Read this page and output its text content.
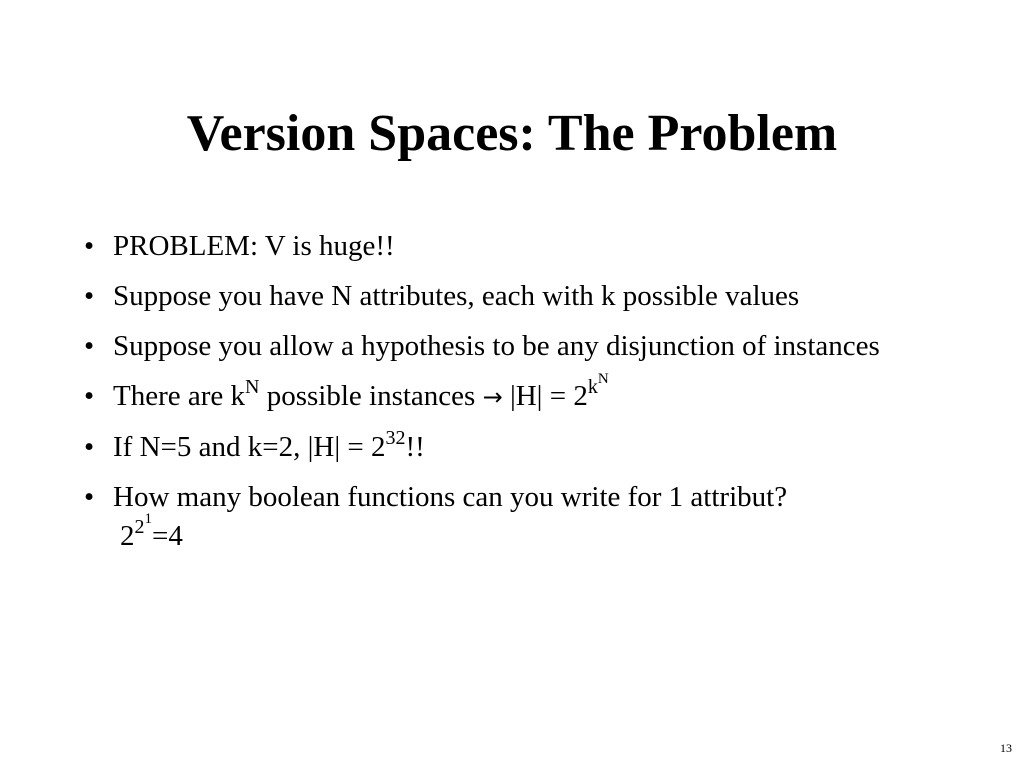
Version Spaces: The Problem
• PROBLEM: V is huge!!
• Suppose you have N attributes, each with k possible values
• Suppose you allow a hypothesis to be any disjunction of instances
• There are $k^N$ possible instances → $|H| = 2^{k^N}$
• If N=5 and k=2, $|H| = 2^{32}$!!
• How many boolean functions can you write for 1 attribut?
$2^{2^1}=4$
13
